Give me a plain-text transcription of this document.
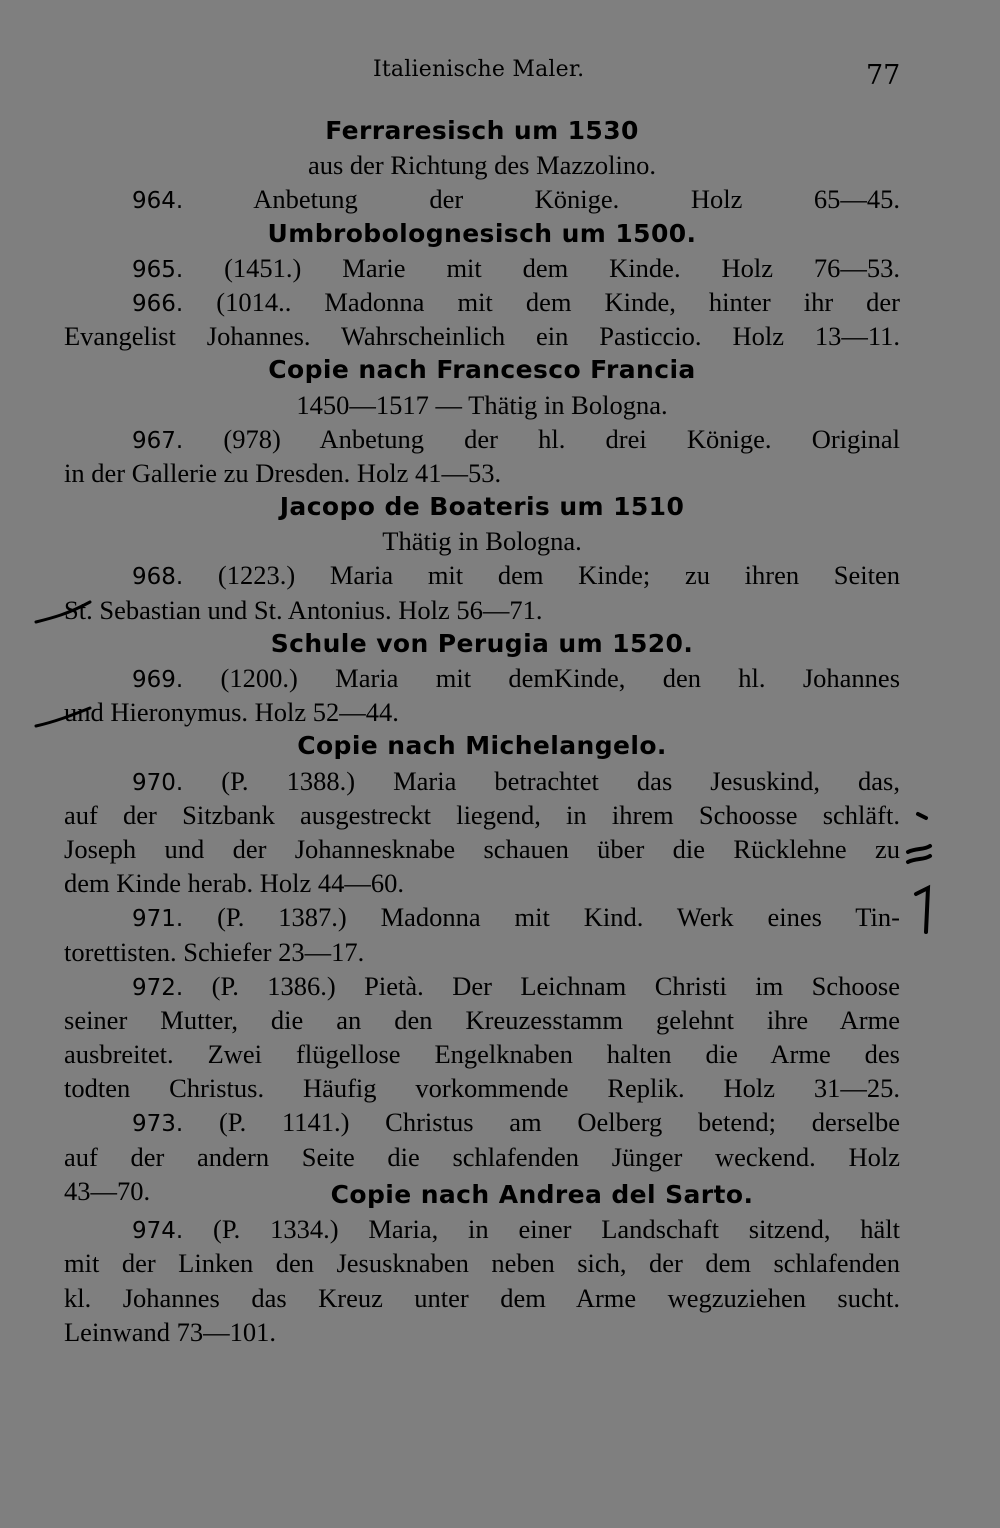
Italienische Maler.	77
Ferraresisch um 1530
aus der Richtung des Mazzolino.
964.	Anbetung der Könige. Holz 65—45.
Umbrobolognesisch um 1500.
965. (1451.) Marie mit dem Kinde. Holz 76—53.
966. (1014.. Madonna mit dem Kinde, hinter ihr der
Evangelist Johannes. Wahrscheinlich ein Pasticcio. Holz 13—11.
Copie nach Francesco Francia
1450—1517 — Thätig in Bologna.
967. (978) Anbetung der hl. drei Könige. Original
in der Gallerie zu Dresden. Holz 41—53.
Jacopo de Boateris um 1510
Thätig in Bologna.
968. (1223.) Maria mit dem Kinde; zu ihren Seiten
St. Sebastian und St. Antonius. Holz 56—71.
Schule von Perugia um 1520.
969. (1200.) Maria mit demKinde, den hl. Johannes
und Hieronymus. Holz 52—44.
Copie nach Michelangelo.
970. (P. 1388.) Maria betrachtet das Jesuskind, das,
auf der Sitzbank ausgestreckt liegend, in ihrem Schoosse schläft.
Joseph und der Johannesknabe schauen über die Rücklehne zu
dem Kinde herab. Holz 44—60.
971. (P. 1387.) Madonna mit Kind. Werk eines Tin-
torettisten. Schiefer 23—17.
972. (P. 1386.) Pietà. Der Leichnam Christi im Schoose
seiner Mutter, die an den Kreuzesstamm gelehnt ihre Arme
ausbreitet. Zwei flügellose Engelknaben halten die Arme des
todten Christus. Häufig vorkommende Replik. Holz 31—25.
973. (P. 1141.) Christus am Oelberg betend; derselbe
auf der andern Seite die schlafenden Jünger weckend. Holz
43—70.	Copie nach Andrea del Sarto.
974. (P. 1334.) Maria, in einer Landschaft sitzend, hält
mit der Linken den Jesusknaben neben sich, der dem schlafenden
kl. Johannes das Kreuz unter dem Arme wegzuziehen sucht.
Leinwand 73—101.
